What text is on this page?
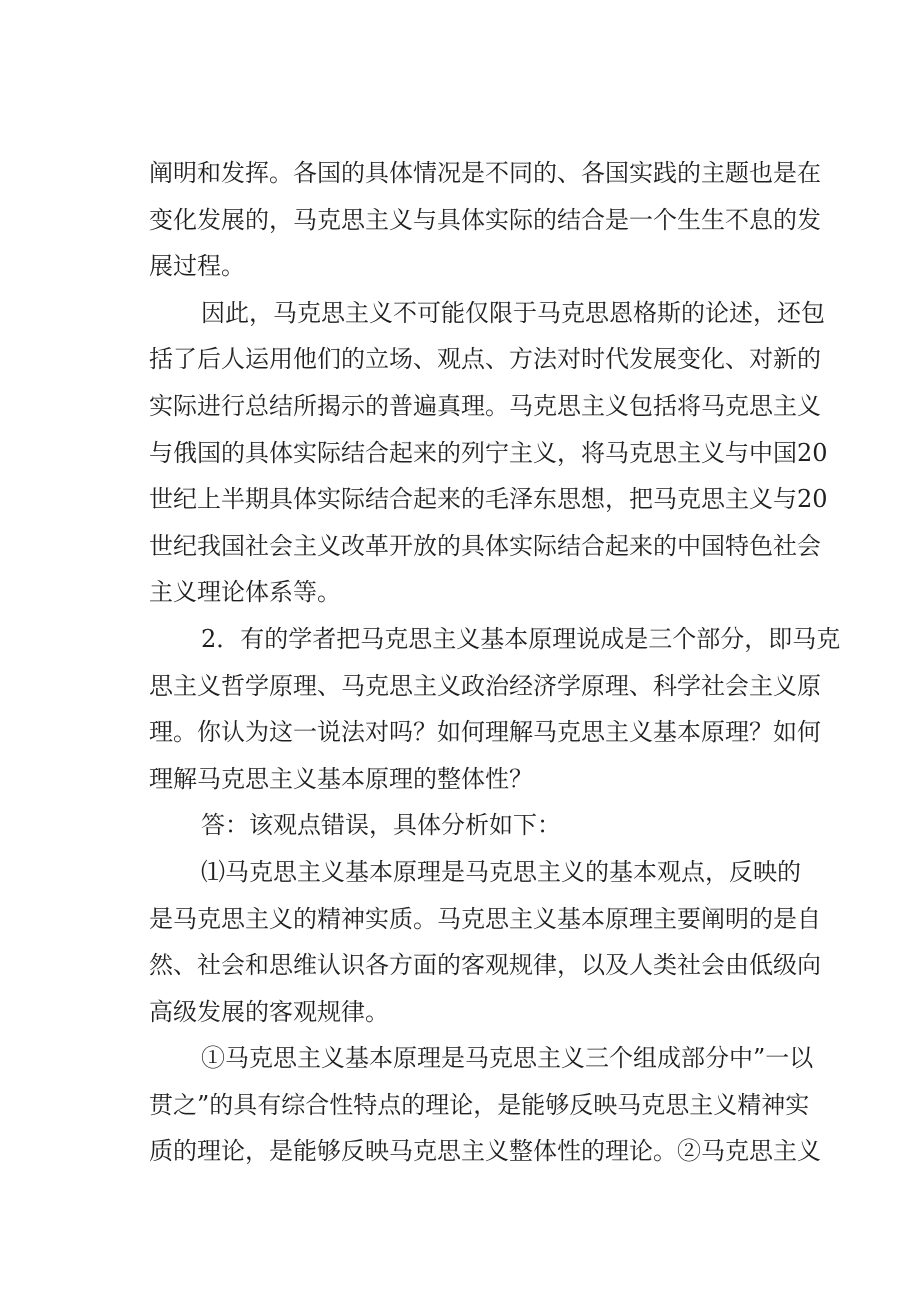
阐明和发挥。各国的具体情况是不同的、各国实践的主题也是在
变化发展的，马克思主义与具体实际的结合是一个生生不息的发
展过程。
因此，马克思主义不可能仅限于马克思恩格斯的论述，还包
括了后人运用他们的立场、观点、方法对时代发展变化、对新的
实际进行总结所揭示的普遍真理。马克思主义包括将马克思主义
与俄国的具体实际结合起来的列宁主义，将马克思主义与中国20
世纪上半期具体实际结合起来的毛泽东思想，把马克思主义与20
世纪我国社会主义改革开放的具体实际结合起来的中国特色社会
主义理论体系等。
2．有的学者把马克思主义基本原理说成是三个部分，即马克
思主义哲学原理、马克思主义政治经济学原理、科学社会主义原
理。你认为这一说法对吗？如何理解马克思主义基本原理？如何
理解马克思主义基本原理的整体性？
答：该观点错误，具体分析如下：
⑴马克思主义基本原理是马克思主义的基本观点，反映的
是马克思主义的精神实质。马克思主义基本原理主要阐明的是自
然、社会和思维认识各方面的客观规律，以及人类社会由低级向
高级发展的客观规律。
①马克思主义基本原理是马克思主义三个组成部分中”一以
贯之”的具有综合性特点的理论，是能够反映马克思主义精神实
质的理论，是能够反映马克思主义整体性的理论。②马克思主义
